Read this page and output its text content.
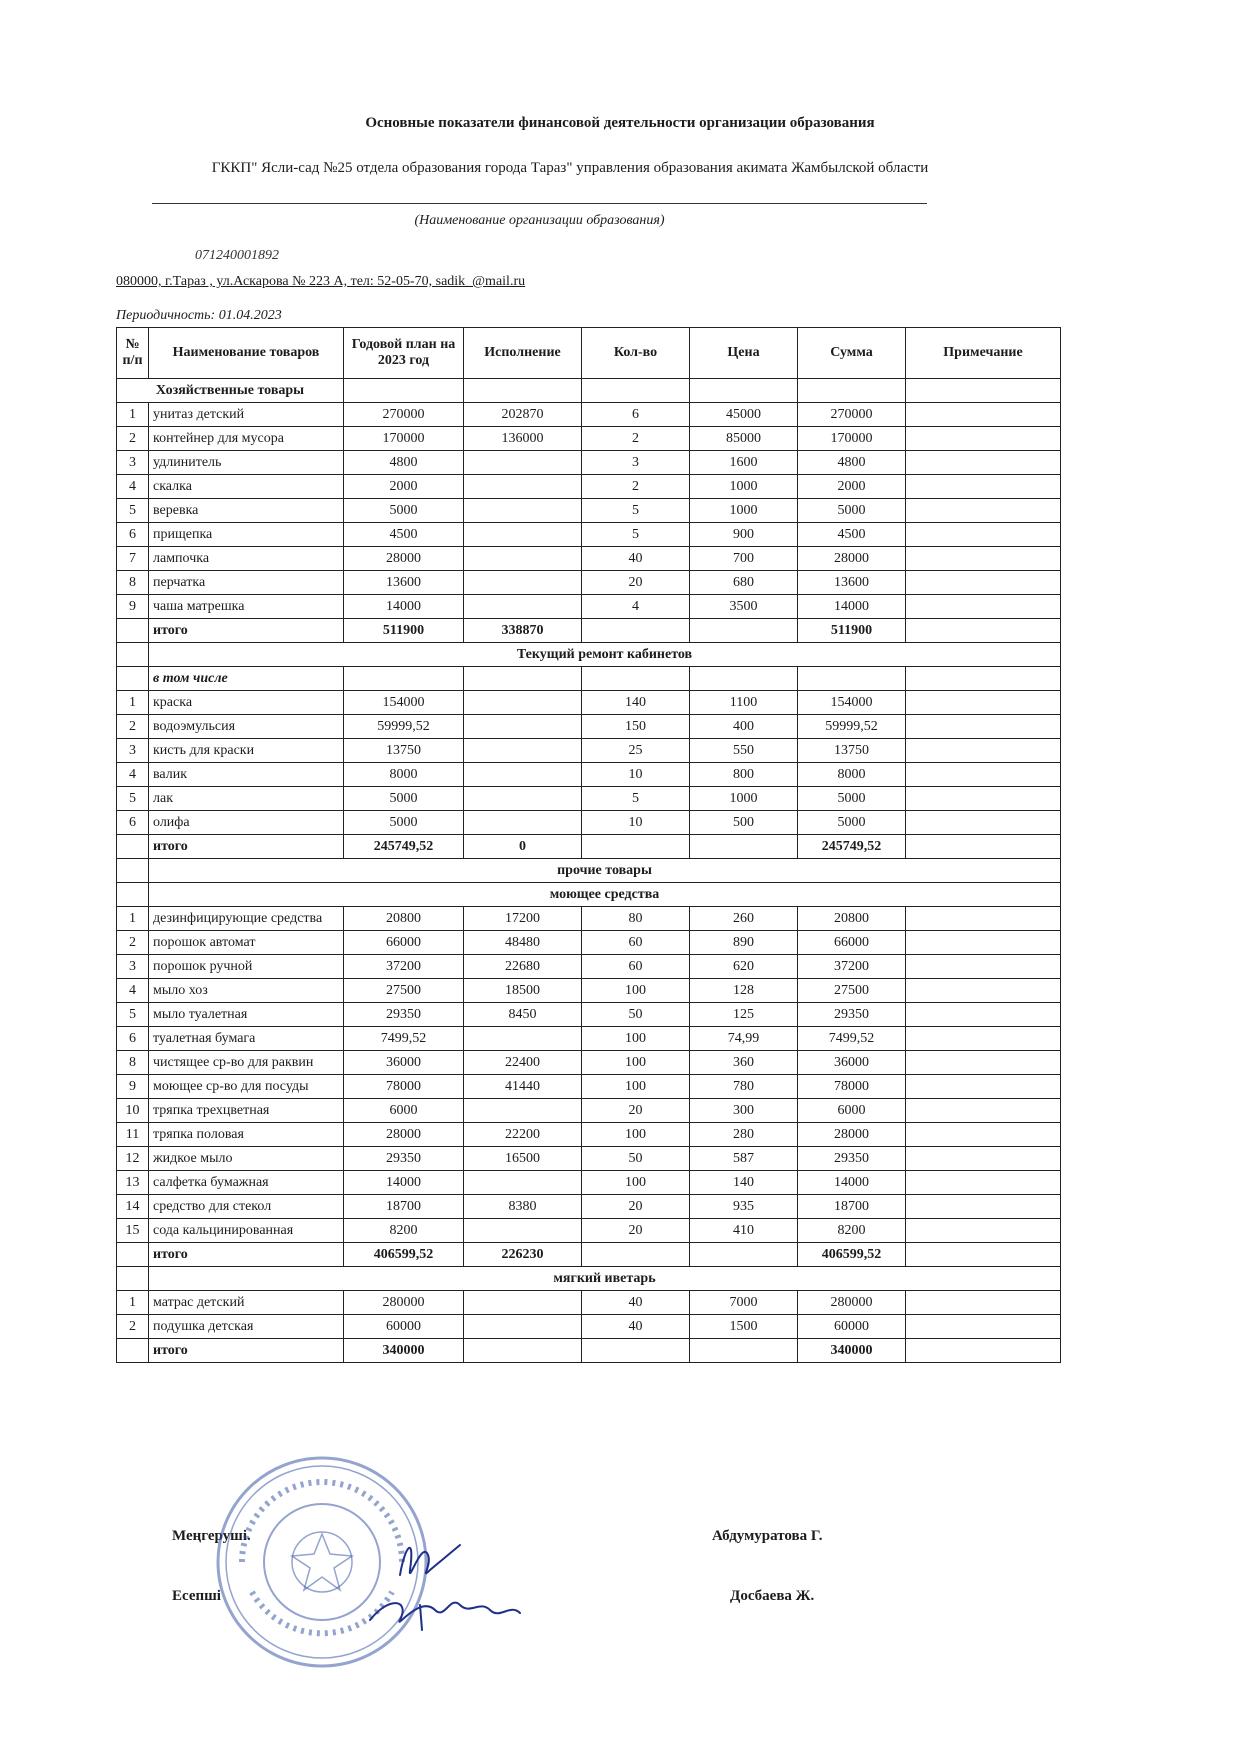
Основные показатели финансовой деятельности организации образования
ГККП" Ясли-сад №25 отдела образования города Тараз" управления образования акимата Жамбылской области
(Наименование организации образования)
071240001892
080000, г.Тараз , ул.Аскарова № 223 А, тел: 52-05-70, sadik_@mail.ru
Периодичность: 01.04.2023
№ п/п	Наименование товаров	Годовой план на 2023 год	Исполнение	Кол-во	Цена	Сумма	Примечание
Хозяйственные товары							
1	унитаз детский	270000	202870	6	45000	270000	
2	контейнер для мусора	170000	136000	2	85000	170000	
3	удлинитель	4800		3	1600	4800	
4	скалка	2000		2	1000	2000	
5	веревка	5000		5	1000	5000	
6	прищепка	4500		5	900	4500	
7	лампочка	28000		40	700	28000	
8	перчатка	13600		20	680	13600	
9	чаша матрешка	14000		4	3500	14000	
	итого	511900	338870			511900	
	Текущий ремонт кабинетов						
	в том числе						
1	краска	154000		140	1100	154000	
2	водоэмульсия	59999,52		150	400	59999,52	
3	кисть для краски	13750		25	550	13750	
4	валик	8000		10	800	8000	
5	лак	5000		5	1000	5000	
6	олифа	5000		10	500	5000	
	итого	245749,52	0			245749,52	
	прочие товары						
	моющее средства						
1	дезинфицирующие средства	20800	17200	80	260	20800	
2	порошок автомат	66000	48480	60	890	66000	
3	порошок ручной	37200	22680	60	620	37200	
4	мыло хоз	27500	18500	100	128	27500	
5	мыло туалетная	29350	8450	50	125	29350	
6	туалетная бумага	7499,52		100	74,99	7499,52	
8	чистящее ср-во для раквин	36000	22400	100	360	36000	
9	моющее ср-во для посуды	78000	41440	100	780	78000	
10	тряпка трехцветная	6000		20	300	6000	
11	тряпка половая	28000	22200	100	280	28000	
12	жидкое мыло	29350	16500	50	587	29350	
13	салфетка бумажная	14000		100	140	14000	
14	средство для стекол	18700	8380	20	935	18700	
15	сода кальцинированная	8200		20	410	8200	
	итого	406599,52	226230			406599,52	
	мягкий иветарь						
1	матрас детский	280000		40	7000	280000	
2	подушка детская	60000		40	1500	60000	
	итого	340000				340000	
Меңгеруші.	Абдумуратова Г.
Есепші	Досбаева Ж.
